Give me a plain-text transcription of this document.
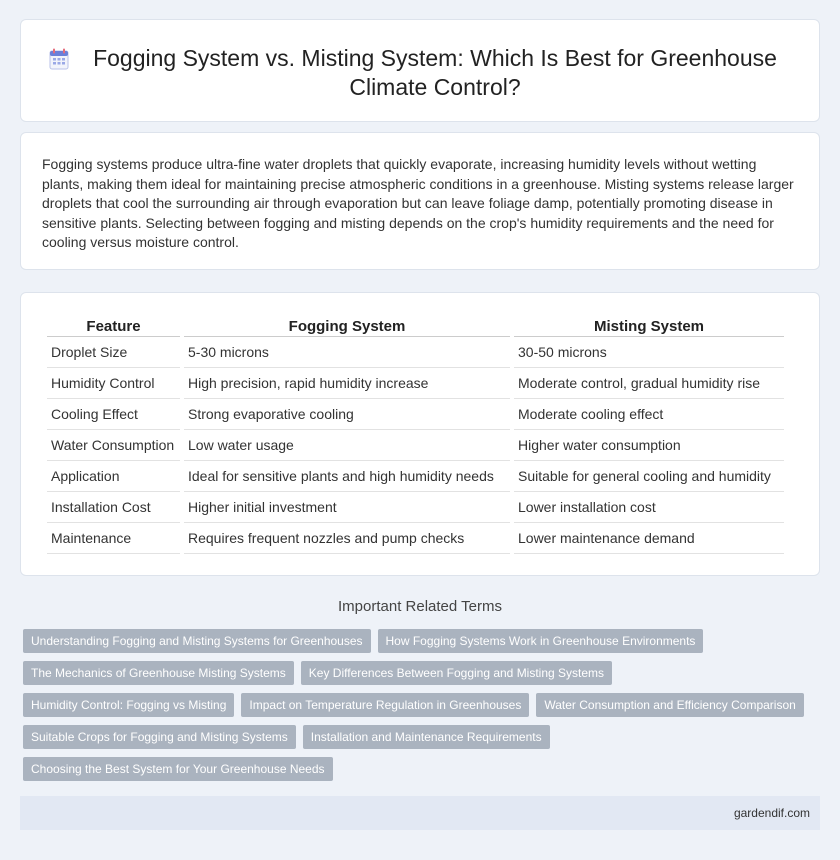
Fogging System vs. Misting System: Which Is Best for Greenhouse Climate Control?

Fogging systems produce ultra-fine water droplets that quickly evaporate, increasing humidity levels without wetting plants, making them ideal for maintaining precise atmospheric conditions in a greenhouse. Misting systems release larger droplets that cool the surrounding air through evaporation but can leave foliage damp, potentially promoting disease in sensitive plants. Selecting between fogging and misting depends on the crop's humidity requirements and the need for cooling versus moisture control.

Feature	Fogging System	Misting System
Droplet Size	5-30 microns	30-50 microns
Humidity Control	High precision, rapid humidity increase	Moderate control, gradual humidity rise
Cooling Effect	Strong evaporative cooling	Moderate cooling effect
Water Consumption	Low water usage	Higher water consumption
Application	Ideal for sensitive plants and high humidity needs	Suitable for general cooling and humidity
Installation Cost	Higher initial investment	Lower installation cost
Maintenance	Requires frequent nozzles and pump checks	Lower maintenance demand
Important Related Terms
Understanding Fogging and Misting Systems for Greenhouses	How Fogging Systems Work in Greenhouse Environments
The Mechanics of Greenhouse Misting Systems	Key Differences Between Fogging and Misting Systems
Humidity Control: Fogging vs Misting	Impact on Temperature Regulation in Greenhouses	Water Consumption and Efficiency Comparison
Suitable Crops for Fogging and Misting Systems	Installation and Maintenance Requirements
Choosing the Best System for Your Greenhouse Needs
gardendif.com
